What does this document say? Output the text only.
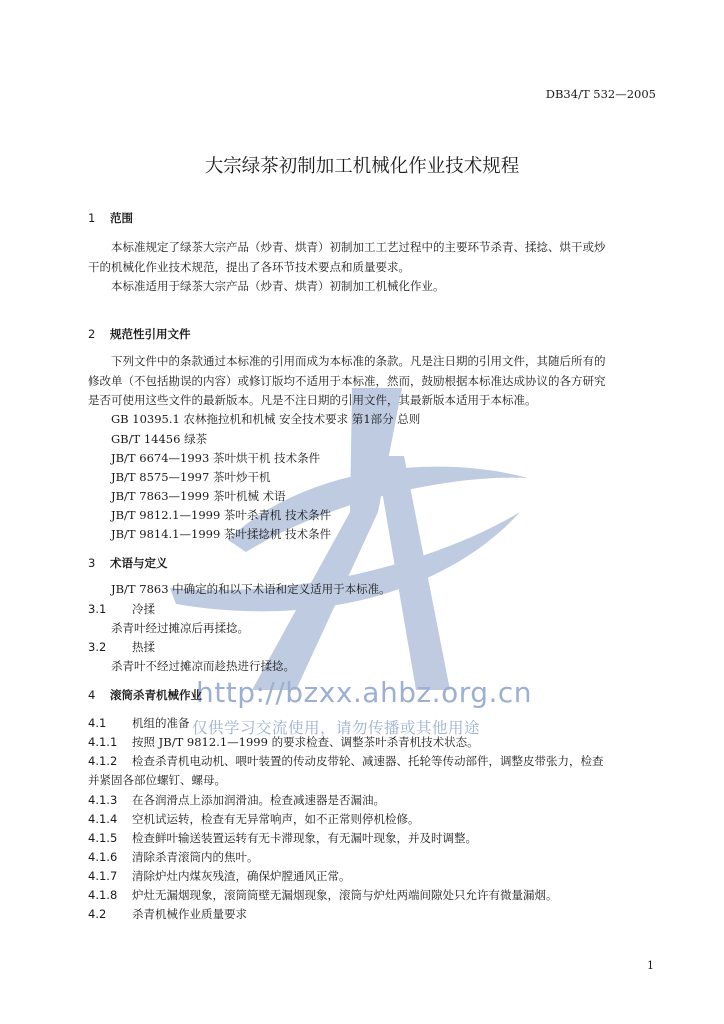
http://bzxx.ahbz.org.cn
仅供学习交流使用，请勿传播或其他用途
DB34/T 532—2005
大宗绿茶初制加工机械化作业技术规程
1 范围
本标准规定了绿茶大宗产品（炒青、烘青）初制加工工艺过程中的主要环节杀青、揉捻、烘干或炒
干的机械化作业技术规范，提出了各环节技术要点和质量要求。
本标准适用于绿茶大宗产品（炒青、烘青）初制加工机械化作业。
2 规范性引用文件
下列文件中的条款通过本标准的引用而成为本标准的条款。凡是注日期的引用文件，其随后所有的
修改单（不包括勘误的内容）或修订版均不适用于本标准，然而，鼓励根据本标准达成协议的各方研究
是否可使用这些文件的最新版本。凡是不注日期的引用文件，其最新版本适用于本标准。
GB 10395.1 农林拖拉机和机械 安全技术要求 第1部分 总则
GB/T 14456 绿茶
JB/T 6674—1993 茶叶烘干机 技术条件
JB/T 8575—1997 茶叶炒干机
JB/T 7863—1999 茶叶机械 术语
JB/T 9812.1—1999 茶叶杀青机 技术条件
JB/T 9814.1—1999 茶叶揉捻机 技术条件
3 术语与定义
JB/T 7863 中确定的和以下术语和定义适用于本标准。
3.1 冷揉
杀青叶经过摊凉后再揉捻。
3.2 热揉
杀青叶不经过摊凉而趁热进行揉捻。
4 滚筒杀青机械作业
4.1 机组的准备
4.1.1 按照 JB/T 9812.1—1999 的要求检查、调整茶叶杀青机技术状态。
4.1.2 检查杀青机电动机、喂叶装置的传动皮带轮、减速器、托轮等传动部件，调整皮带张力，检查
并紧固各部位螺钉、螺母。
4.1.3 在各润滑点上添加润滑油。检查减速器是否漏油。
4.1.4 空机试运转，检查有无异常响声，如不正常则停机检修。
4.1.5 检查鲜叶输送装置运转有无卡滞现象，有无漏叶现象，并及时调整。
4.1.6 清除杀青滚筒内的焦叶。
4.1.7 清除炉灶内煤灰残渣，确保炉膛通风正常。
4.1.8 炉灶无漏烟现象，滚筒筒壁无漏烟现象，滚筒与炉灶两端间隙处只允许有微量漏烟。
4.2 杀青机械作业质量要求
1
